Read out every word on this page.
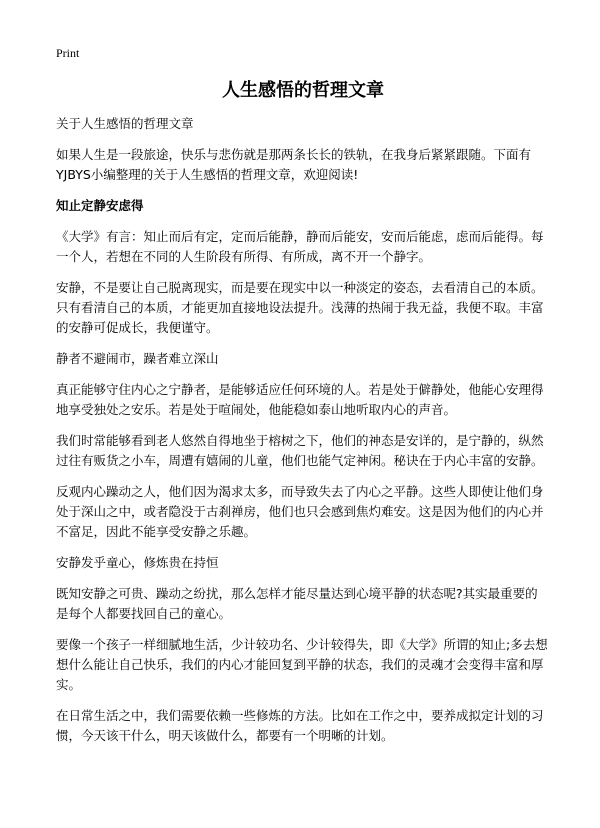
Print
人生感悟的哲理文章
关于人生感悟的哲理文章

如果人生是一段旅途，快乐与悲伤就是那两条长长的铁轨，在我身后紧紧跟随。下面有YJBYS小编整理的关于人生感悟的哲理文章，欢迎阅读!

知止定静安虑得

《大学》有言：知止而后有定，定而后能静，静而后能安，安而后能虑，虑而后能得。每一个人，若想在不同的人生阶段有所得、有所成，离不开一个静字。

安静，不是要让自己脱离现实，而是要在现实中以一种淡定的姿态，去看清自己的本质。只有看清自己的本质，才能更加直接地设法提升。浅薄的热闹于我无益，我便不取。丰富的安静可促成长，我便谨守。

静者不避闹市，躁者难立深山

真正能够守住内心之宁静者，是能够适应任何环境的人。若是处于僻静处，他能心安理得地享受独处之安乐。若是处于喧闹处，他能稳如泰山地听取内心的声音。

我们时常能够看到老人悠然自得地坐于榕树之下，他们的神态是安详的，是宁静的，纵然过往有贩货之小车，周遭有嬉闹的儿童，他们也能气定神闲。秘诀在于内心丰富的安静。

反观内心躁动之人，他们因为渴求太多，而导致失去了内心之平静。这些人即使让他们身处于深山之中，或者隐没于古刹禅房，他们也只会感到焦灼难安。这是因为他们的内心并不富足，因此不能享受安静之乐趣。

安静发乎童心，修炼贵在持恒

既知安静之可贵、躁动之纷扰，那么怎样才能尽量达到心境平静的状态呢?其实最重要的是每个人都要找回自己的童心。

要像一个孩子一样细腻地生活，少计较功名、少计较得失，即《大学》所谓的知止;多去想想什么能让自己快乐，我们的内心才能回复到平静的状态，我们的灵魂才会变得丰富和厚实。

在日常生活之中，我们需要依赖一些修炼的方法。比如在工作之中，要养成拟定计划的习惯，今天该干什么，明天该做什么，都要有一个明晰的计划。
